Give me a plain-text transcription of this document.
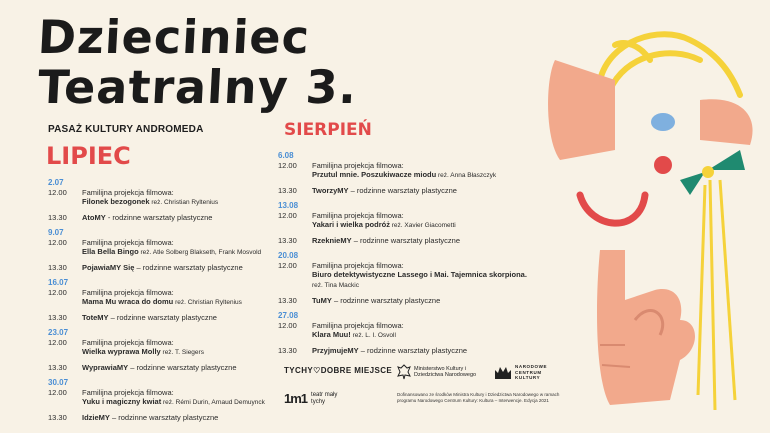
Dzieciniec
Teatralny 3.
PASAŻ KULTURY ANDROMEDA
LIPIEC
SIERPIEŃ
2.07
12.00	Familijna projekcja filmowa:
Filonek bezogonek reż. Christian Ryltenius
13.30	AtoMY - rodzinne warsztaty plastyczne
9.07
12.00	Familijna projekcja filmowa:
Ella Bella Bingo reż. Atle Solberg Blakseth, Frank Mosvold
13.30	PojawiaMY Się – rodzinne warsztaty plastyczne
16.07
12.00	Familijna projekcja filmowa:
Mama Mu wraca do domu reż. Christian Ryltenius
13.30	ToteMY – rodzinne warsztaty plastyczne
23.07
12.00	Familijna projekcja filmowa:
Wielka wyprawa Molly reż. T. Siegers
13.30	WyprawiaMY – rodzinne warsztaty plastyczne
30.07
12.00	Familijna projekcja filmowa:
Yuku i magiczny kwiat reż. Rémi Durin, Arnaud Demuynck
13.30	IdzieMY – rodzinne warsztaty plastyczne
6.08
12.00	Familijna projekcja filmowa:
Przutul mnie. Poszukiwacze miodu reż. Anna Błaszczyk
13.30	TworzyMY – rodzinne warsztaty plastyczne
13.08
12.00	Familijna projekcja filmowa:
Yakari i wielka podróż reż. Xavier Giacometti
13.30	RzeknieMY – rodzinne warsztaty plastyczne
20.08
12.00	Familijna projekcja filmowa:
Biuro detektywistyczne Lassego i Mai. Tajemnica skorpiona. reż. Tina Mackic
13.30	TuMY – rodzinne warsztaty plastyczne
27.08
12.00	Familijna projekcja filmowa:
Klara Muu! reż. L. I. Osvoll
13.30	PrzyjmujeMY – rodzinne warsztaty plastyczne
TYCHY♡DOBRE MIEJSCE
1m1 teatr mały tychy
Ministerstwo Kultury i Dziedzictwa Narodowego
NARODOWE CENTRUM KULTURY
Dofinansowano ze środków Ministra Kultury i Dziedzictwa Narodowego w ramach programu Narodowego Centrum Kultury: Kultura – Interwencje. Edycja 2021
